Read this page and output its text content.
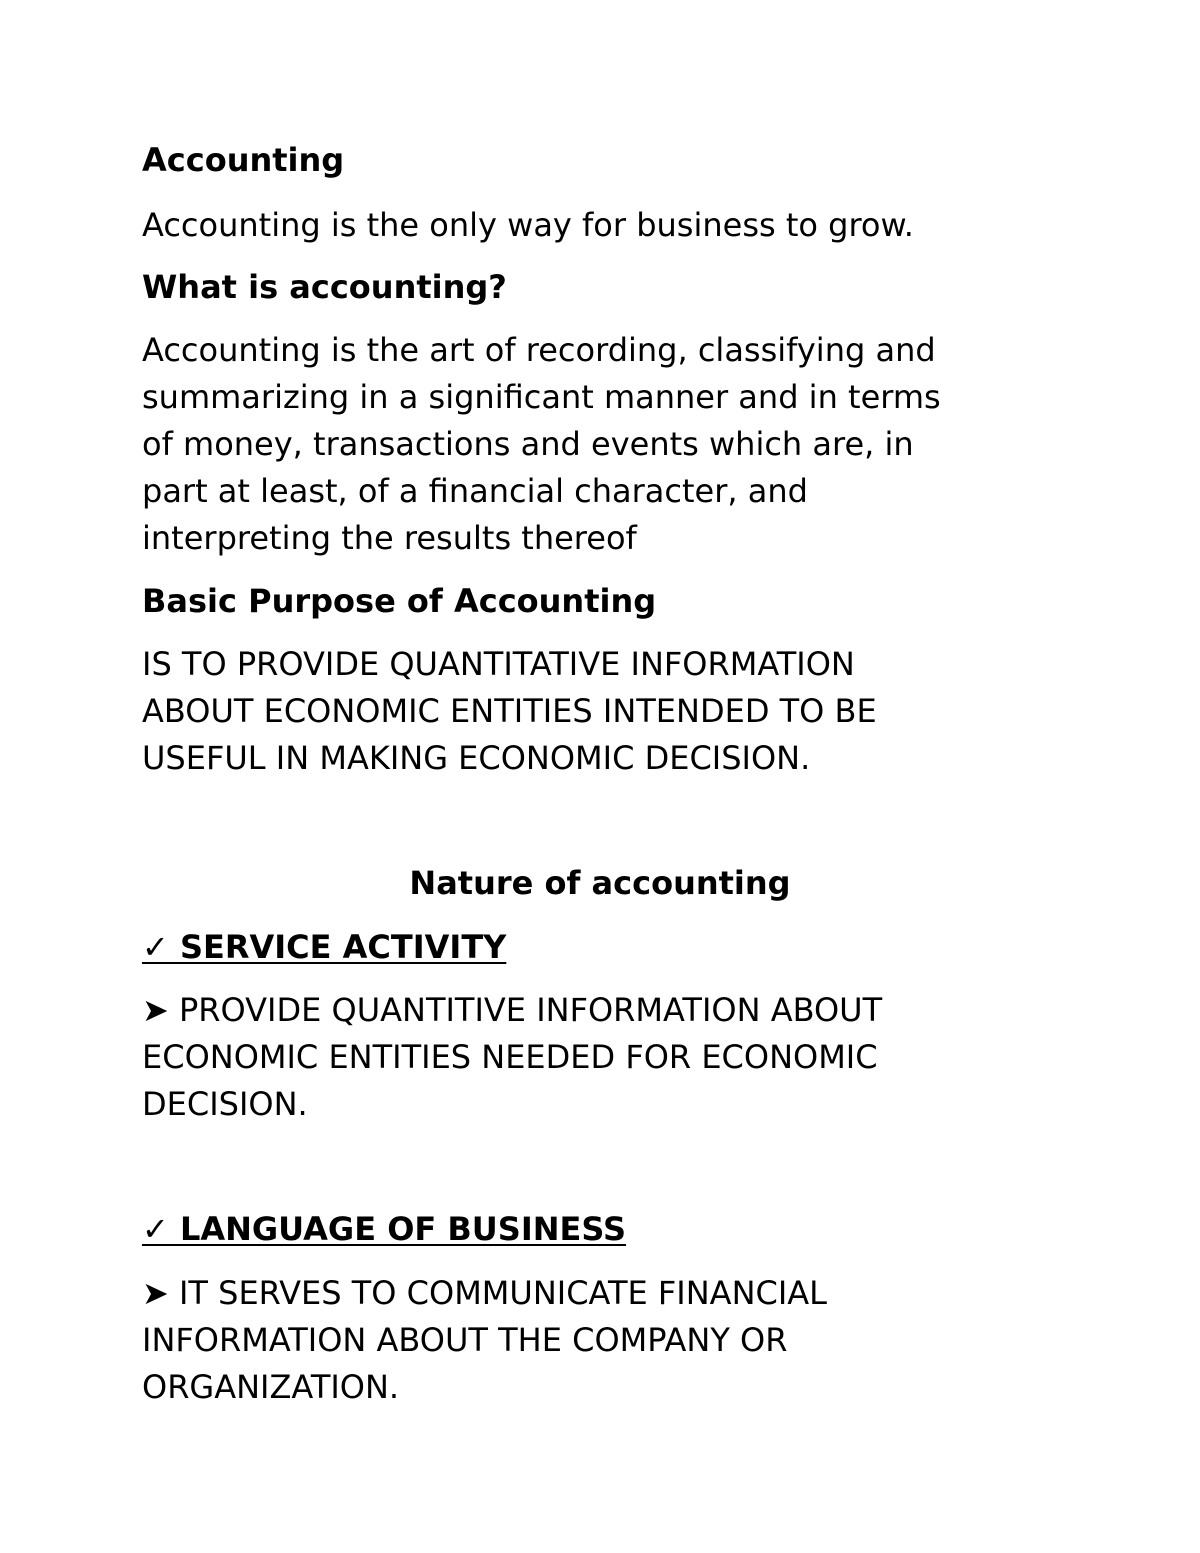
Accounting

Accounting is the only way for business to grow.

What is accounting?
Accounting is the art of recording, classifying and
summarizing in a significant manner and in terms
of money, transactions and events which are, in
part at least, of a financial character, and
interpreting the results thereof
Basic Purpose of Accounting
IS TO PROVIDE QUANTITATIVE INFORMATION
ABOUT ECONOMIC ENTITIES INTENDED TO BE
USEFUL IN MAKING ECONOMIC DECISION.
Nature of accounting
✓ SERVICE ACTIVITY
➤ PROVIDE QUANTITIVE INFORMATION ABOUT
ECONOMIC ENTITIES NEEDED FOR ECONOMIC
DECISION.
✓ LANGUAGE OF BUSINESS
➤ IT SERVES TO COMMUNICATE FINANCIAL
INFORMATION ABOUT THE COMPANY OR
ORGANIZATION.
